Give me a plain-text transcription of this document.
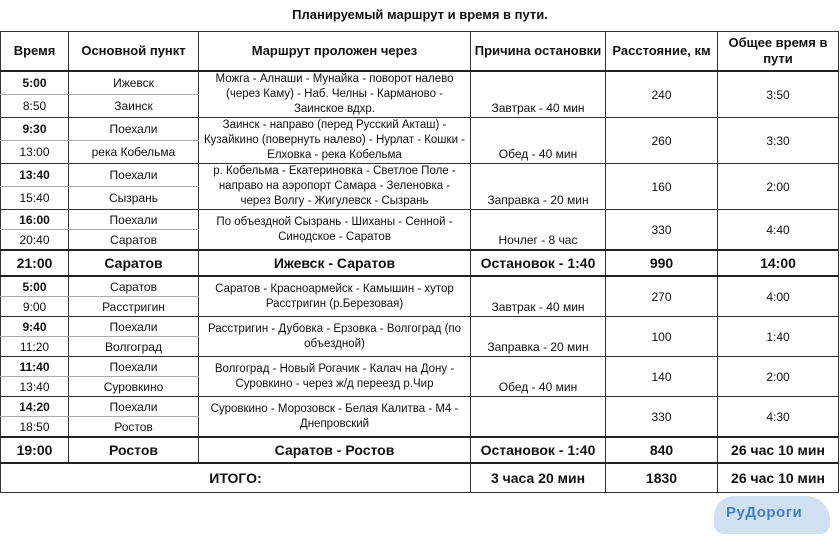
Планируемый маршрут и время в пути.
Время	Основной пункт	Маршрут проложен через	Причина остановки	Расстояние, км	Общее время в пути
5:00	Ижевск	Можга - Алнаши - Мунайка - поворот налево (через Каму) - Наб. Челны - Карманово - Заинское вдхр.	Завтрак - 40 мин	240	3:50
8:50	Заинск				
9:30	Поехали	Заинск - направо (перед Русский Акташ) - Кузайкино (повернуть налево) - Нурлат - Кошки - Елховка - река Кобельма	Обед - 40 мин	260	3:30
13:00	река Кобельма				
13:40	Поехали	р. Кобельма - Екатериновка - Светлое Поле - направо на аэропорт Самара - Зеленовка - через Волгу - Жигулевск - Сызрань	Заправка - 20 мин	160	2:00
15:40	Сызрань				
16:00	Поехали	По объездной Сызрань - Шиханы - Сенной - Синодское - Саратов	Ночлег - 8 час	330	4:40
20:40	Саратов				
21:00	Саратов	Ижевск - Саратов	Остановок - 1:40	990	14:00
5:00	Саратов	Саратов - Красноармейск - Камышин - хутор Расстригин (р.Березовая)	Завтрак - 40 мин	270	4:00
9:00	Расстригин				
9:40	Поехали	Расстригин - Дубовка - Ерзовка - Волгоград (по объездной)	Заправка - 20 мин	100	1:40
11:20	Волгоград				
11:40	Поехали	Волгоград - Новый Рогачик - Калач на Дону - Суровкино - через ж/д переезд р.Чир	Обед - 40 мин	140	2:00
13:40	Суровкино				
14:20	Поехали	Суровкино - Морозовск - Белая Калитва - М4 - Днепровский		330	4:30
18:50	Ростов				
19:00	Ростов	Саратов - Ростов	Остановок - 1:40	840	26 час 10 мин
ИТОГО:			3 часа 20 мин	1830	26 час 10 мин
РуДороги
